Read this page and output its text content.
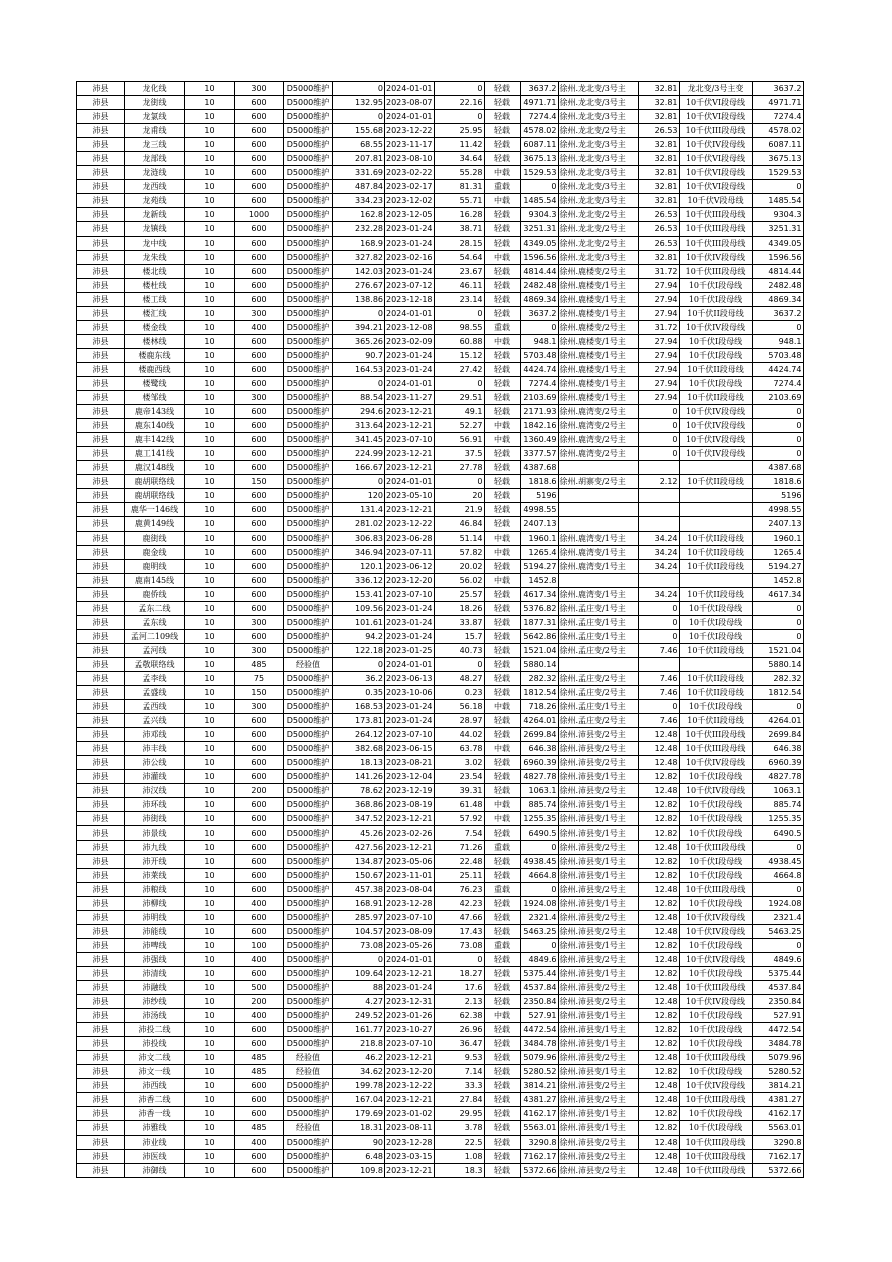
沛县	龙化线	10	300	D5000维护	0	2024-01-01	0	轻载	3637.2	徐州.龙北变/3号主	32.81	龙北变/3号主变	3637.2
沛县	龙街线	10	600	D5000维护	132.95	2023-08-07	22.16	轻载	4971.71	徐州.龙北变/3号主	32.81	10千伏VI段母线	4971.71
沛县	龙氯线	10	600	D5000维护	0	2024-01-01	0	轻载	7274.4	徐州.龙北变/3号主	32.81	10千伏VI段母线	7274.4
沛县	龙甫线	10	600	D5000维护	155.68	2023-12-22	25.95	轻载	4578.02	徐州.龙北变/2号主	26.53	10千伏III段母线	4578.02
沛县	龙三线	10	600	D5000维护	68.55	2023-11-17	11.42	轻载	6087.11	徐州.龙北变/3号主	32.81	10千伏IV段母线	6087.11
沛县	龙部线	10	600	D5000维护	207.81	2023-08-10	34.64	轻载	3675.13	徐州.龙北变/3号主	32.81	10千伏VI段母线	3675.13
沛县	龙涟线	10	600	D5000维护	331.69	2023-02-22	55.28	中载	1529.53	徐州.龙北变/3号主	32.81	10千伏VI段母线	1529.53
沛县	龙西线	10	600	D5000维护	487.84	2023-02-17	81.31	重载	0	徐州.龙北变/3号主	32.81	10千伏VI段母线	0
沛县	龙苑线	10	600	D5000维护	334.23	2023-12-02	55.71	中载	1485.54	徐州.龙北变/3号主	32.81	10千伏V段母线	1485.54
沛县	龙新线	10	1000	D5000维护	162.8	2023-12-05	16.28	轻载	9304.3	徐州.龙北变/2号主	26.53	10千伏III段母线	9304.3
沛县	龙镇线	10	600	D5000维护	232.28	2023-01-24	38.71	轻载	3251.31	徐州.龙北变/2号主	26.53	10千伏III段母线	3251.31
沛县	龙中线	10	600	D5000维护	168.9	2023-01-24	28.15	轻载	4349.05	徐州.龙北变/2号主	26.53	10千伏III段母线	4349.05
沛县	龙朱线	10	600	D5000维护	327.82	2023-02-16	54.64	中载	1596.56	徐州.龙北变/3号主	32.81	10千伏IV段母线	1596.56
沛县	楼北线	10	600	D5000维护	142.03	2023-01-24	23.67	轻载	4814.44	徐州.鹿楼变/2号主	31.72	10千伏III段母线	4814.44
沛县	楼杜线	10	600	D5000维护	276.67	2023-07-12	46.11	轻载	2482.48	徐州.鹿楼变/1号主	27.94	10千伏I段母线	2482.48
沛县	楼工线	10	600	D5000维护	138.86	2023-12-18	23.14	轻载	4869.34	徐州.鹿楼变/1号主	27.94	10千伏I段母线	4869.34
沛县	楼汇线	10	300	D5000维护	0	2024-01-01	0	轻载	3637.2	徐州.鹿楼变/1号主	27.94	10千伏II段母线	3637.2
沛县	楼金线	10	400	D5000维护	394.21	2023-12-08	98.55	重载	0	徐州.鹿楼变/2号主	31.72	10千伏IV段母线	0
沛县	楼林线	10	600	D5000维护	365.26	2023-02-09	60.88	中载	948.1	徐州.鹿楼变/1号主	27.94	10千伏I段母线	948.1
沛县	楼鹿东线	10	600	D5000维护	90.7	2023-01-24	15.12	轻载	5703.48	徐州.鹿楼变/1号主	27.94	10千伏I段母线	5703.48
沛县	楼鹿西线	10	600	D5000维护	164.53	2023-01-24	27.42	轻载	4424.74	徐州.鹿楼变/1号主	27.94	10千伏II段母线	4424.74
沛县	楼鹭线	10	600	D5000维护	0	2024-01-01	0	轻载	7274.4	徐州.鹿楼变/1号主	27.94	10千伏I段母线	7274.4
沛县	楼邹线	10	300	D5000维护	88.54	2023-11-27	29.51	轻载	2103.69	徐州.鹿楼变/1号主	27.94	10千伏II段母线	2103.69
沛县	鹿帝143线	10	600	D5000维护	294.6	2023-12-21	49.1	轻载	2171.93	徐州.鹿湾变/2号主	0	10千伏IV段母线	0
沛县	鹿东140线	10	600	D5000维护	313.64	2023-12-21	52.27	中载	1842.16	徐州.鹿湾变/2号主	0	10千伏IV段母线	0
沛县	鹿丰142线	10	600	D5000维护	341.45	2023-07-10	56.91	中载	1360.49	徐州.鹿湾变/2号主	0	10千伏IV段母线	0
沛县	鹿工141线	10	600	D5000维护	224.99	2023-12-21	37.5	轻载	3377.57	徐州.鹿湾变/2号主	0	10千伏IV段母线	0
沛县	鹿汉148线	10	600	D5000维护	166.67	2023-12-21	27.78	轻载	4387.68				4387.68
沛县	鹿胡联络线	10	150	D5000维护	0	2024-01-01	0	轻载	1818.6	徐州.胡寨变/2号主	2.12	10千伏II段母线	1818.6
沛县	鹿胡联络线	10	600	D5000维护	120	2023-05-10	20	轻载	5196				5196
沛县	鹿华一146线	10	600	D5000维护	131.4	2023-12-21	21.9	轻载	4998.55				4998.55
沛县	鹿黄149线	10	600	D5000维护	281.02	2023-12-22	46.84	轻载	2407.13				2407.13
沛县	鹿街线	10	600	D5000维护	306.83	2023-06-28	51.14	中载	1960.1	徐州.鹿湾变/1号主	34.24	10千伏II段母线	1960.1
沛县	鹿金线	10	600	D5000维护	346.94	2023-07-11	57.82	中载	1265.4	徐州.鹿湾变/1号主	34.24	10千伏II段母线	1265.4
沛县	鹿明线	10	600	D5000维护	120.1	2023-06-12	20.02	轻载	5194.27	徐州.鹿湾变/1号主	34.24	10千伏II段母线	5194.27
沛县	鹿南145线	10	600	D5000维护	336.12	2023-12-20	56.02	中载	1452.8				1452.8
沛县	鹿侨线	10	600	D5000维护	153.41	2023-07-10	25.57	轻载	4617.34	徐州.鹿湾变/1号主	34.24	10千伏II段母线	4617.34
沛县	孟东二线	10	600	D5000维护	109.56	2023-01-24	18.26	轻载	5376.82	徐州.孟庄变/1号主	0	10千伏I段母线	0
沛县	孟东线	10	300	D5000维护	101.61	2023-01-24	33.87	轻载	1877.31	徐州.孟庄变/1号主	0	10千伏I段母线	0
沛县	孟河二109线	10	600	D5000维护	94.2	2023-01-24	15.7	轻载	5642.86	徐州.孟庄变/1号主	0	10千伏I段母线	0
沛县	孟河线	10	300	D5000维护	122.18	2023-01-25	40.73	轻载	1521.04	徐州.孟庄变/2号主	7.46	10千伏II段母线	1521.04
沛县	孟敬联络线	10	485	经验值	0	2024-01-01	0	轻载	5880.14				5880.14
沛县	孟李线	10	75	D5000维护	36.2	2023-06-13	48.27	轻载	282.32	徐州.孟庄变/2号主	7.46	10千伏II段母线	282.32
沛县	孟盛线	10	150	D5000维护	0.35	2023-10-06	0.23	轻载	1812.54	徐州.孟庄变/2号主	7.46	10千伏II段母线	1812.54
沛县	孟西线	10	300	D5000维护	168.53	2023-01-24	56.18	中载	718.26	徐州.孟庄变/1号主	0	10千伏I段母线	0
沛县	孟兴线	10	600	D5000维护	173.81	2023-01-24	28.97	轻载	4264.01	徐州.孟庄变/2号主	7.46	10千伏II段母线	4264.01
沛县	沛邓线	10	600	D5000维护	264.12	2023-07-10	44.02	轻载	2699.84	徐州.沛县变/2号主	12.48	10千伏III段母线	2699.84
沛县	沛丰线	10	600	D5000维护	382.68	2023-06-15	63.78	中载	646.38	徐州.沛县变/2号主	12.48	10千伏III段母线	646.38
沛县	沛公线	10	600	D5000维护	18.13	2023-08-21	3.02	轻载	6960.39	徐州.沛县变/2号主	12.48	10千伏IV段母线	6960.39
沛县	沛灌线	10	600	D5000维护	141.26	2023-12-04	23.54	轻载	4827.78	徐州.沛县变/1号主	12.82	10千伏I段母线	4827.78
沛县	沛汉线	10	200	D5000维护	78.62	2023-12-19	39.31	轻载	1063.1	徐州.沛县变/2号主	12.48	10千伏IV段母线	1063.1
沛县	沛环线	10	600	D5000维护	368.86	2023-08-19	61.48	中载	885.74	徐州.沛县变/1号主	12.82	10千伏I段母线	885.74
沛县	沛街线	10	600	D5000维护	347.52	2023-12-21	57.92	中载	1255.35	徐州.沛县变/1号主	12.82	10千伏I段母线	1255.35
沛县	沛景线	10	600	D5000维护	45.26	2023-02-26	7.54	轻载	6490.5	徐州.沛县变/1号主	12.82	10千伏I段母线	6490.5
沛县	沛九线	10	600	D5000维护	427.56	2023-12-21	71.26	重载	0	徐州.沛县变/2号主	12.48	10千伏III段母线	0
沛县	沛开线	10	600	D5000维护	134.87	2023-05-06	22.48	轻载	4938.45	徐州.沛县变/1号主	12.82	10千伏I段母线	4938.45
沛县	沛莱线	10	600	D5000维护	150.67	2023-11-01	25.11	轻载	4664.8	徐州.沛县变/1号主	12.82	10千伏I段母线	4664.8
沛县	沛粮线	10	600	D5000维护	457.38	2023-08-04	76.23	重载	0	徐州.沛县变/2号主	12.48	10千伏III段母线	0
沛县	沛柳线	10	400	D5000维护	168.91	2023-12-28	42.23	轻载	1924.08	徐州.沛县变/1号主	12.82	10千伏I段母线	1924.08
沛县	沛明线	10	600	D5000维护	285.97	2023-07-10	47.66	轻载	2321.4	徐州.沛县变/2号主	12.48	10千伏IV段母线	2321.4
沛县	沛能线	10	600	D5000维护	104.57	2023-08-09	17.43	轻载	5463.25	徐州.沛县变/2号主	12.48	10千伏IV段母线	5463.25
沛县	沛啤线	10	100	D5000维护	73.08	2023-05-26	73.08	重载	0	徐州.沛县变/1号主	12.82	10千伏I段母线	0
沛县	沛强线	10	400	D5000维护	0	2024-01-01	0	轻载	4849.6	徐州.沛县变/2号主	12.48	10千伏IV段母线	4849.6
沛县	沛清线	10	600	D5000维护	109.64	2023-12-21	18.27	轻载	5375.44	徐州.沛县变/1号主	12.82	10千伏I段母线	5375.44
沛县	沛融线	10	500	D5000维护	88	2023-01-24	17.6	轻载	4537.84	徐州.沛县变/2号主	12.48	10千伏III段母线	4537.84
沛县	沛纱线	10	200	D5000维护	4.27	2023-12-31	2.13	轻载	2350.84	徐州.沛县变/2号主	12.48	10千伏IV段母线	2350.84
沛县	沛汤线	10	400	D5000维护	249.52	2023-01-26	62.38	中载	527.91	徐州.沛县变/1号主	12.82	10千伏I段母线	527.91
沛县	沛投二线	10	600	D5000维护	161.77	2023-10-27	26.96	轻载	4472.54	徐州.沛县变/1号主	12.82	10千伏I段母线	4472.54
沛县	沛投线	10	600	D5000维护	218.8	2023-07-10	36.47	轻载	3484.78	徐州.沛县变/1号主	12.82	10千伏I段母线	3484.78
沛县	沛文二线	10	485	经验值	46.2	2023-12-21	9.53	轻载	5079.96	徐州.沛县变/2号主	12.48	10千伏III段母线	5079.96
沛县	沛文一线	10	485	经验值	34.62	2023-12-20	7.14	轻载	5280.52	徐州.沛县变/1号主	12.82	10千伏I段母线	5280.52
沛县	沛西线	10	600	D5000维护	199.78	2023-12-22	33.3	轻载	3814.21	徐州.沛县变/2号主	12.48	10千伏IV段母线	3814.21
沛县	沛香二线	10	600	D5000维护	167.04	2023-12-21	27.84	轻载	4381.27	徐州.沛县变/2号主	12.48	10千伏III段母线	4381.27
沛县	沛香一线	10	600	D5000维护	179.69	2023-01-02	29.95	轻载	4162.17	徐州.沛县变/1号主	12.82	10千伏I段母线	4162.17
沛县	沛雅线	10	485	经验值	18.31	2023-08-11	3.78	轻载	5563.01	徐州.沛县变/1号主	12.82	10千伏I段母线	5563.01
沛县	沛业线	10	400	D5000维护	90	2023-12-28	22.5	轻载	3290.8	徐州.沛县变/2号主	12.48	10千伏III段母线	3290.8
沛县	沛医线	10	600	D5000维护	6.48	2023-03-15	1.08	轻载	7162.17	徐州.沛县变/2号主	12.48	10千伏III段母线	7162.17
沛县	沛御线	10	600	D5000维护	109.8	2023-12-21	18.3	轻载	5372.66	徐州.沛县变/2号主	12.48	10千伏III段母线	5372.66
